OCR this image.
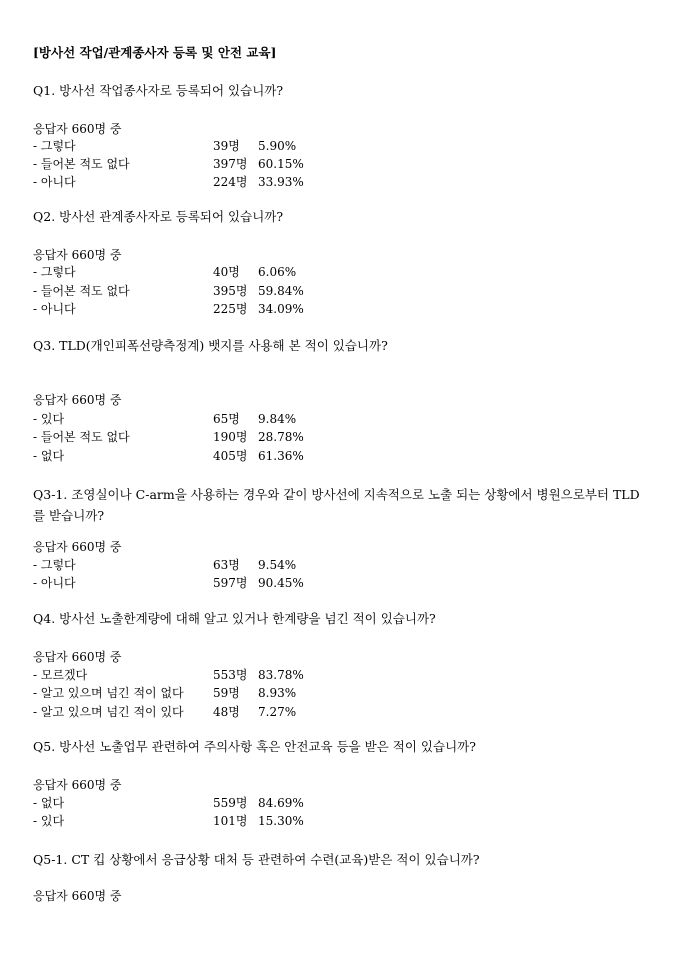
[방사선 작업/관계종사자 등록 및 안전 교육]
Q1. 방사선 작업종사자로 등록되어 있습니까?
응답자 660명 중
- 그렇다	39명 5.90%
- 들어본 적도 없다	397명 60.15%
- 아니다	224명 33.93%
Q2. 방사선 관계종사자로 등록되어 있습니까?
응답자 660명 중
- 그렇다	40명 6.06%
- 들어본 적도 없다	395명 59.84%
- 아니다	225명 34.09%
Q3. TLD(개인피폭선량측정계) 뱃지를 사용해 본 적이 있습니까?
응답자 660명 중
- 있다	65명 9.84%
- 들어본 적도 없다	190명 28.78%
- 없다	405명 61.36%
Q3-1. 조영실이나 C-arm을 사용하는 경우와 같이 방사선에 지속적으로 노출 되는 상황에서 병원으로부터 TLD를 받습니까?
응답자 660명 중
- 그렇다	63명 9.54%
- 아니다	597명 90.45%
Q4. 방사선 노출한계량에 대해 알고 있거나 한계량을 넘긴 적이 있습니까?
응답자 660명 중
- 모르겠다	553명 83.78%
- 알고 있으며 넘긴 적이 없다 59명 8.93%
- 알고 있으며 넘긴 적이 있다 48명 7.27%
Q5. 방사선 노출업무 관련하여 주의사항 혹은 안전교육 등을 받은 적이 있습니까?
응답자 660명 중
- 없다	559명 84.69%
- 있다	101명 15.30%
Q5-1. CT 킵 상황에서 응급상황 대처 등 관련하여 수련(교육)받은 적이 있습니까?
응답자 660명 중
